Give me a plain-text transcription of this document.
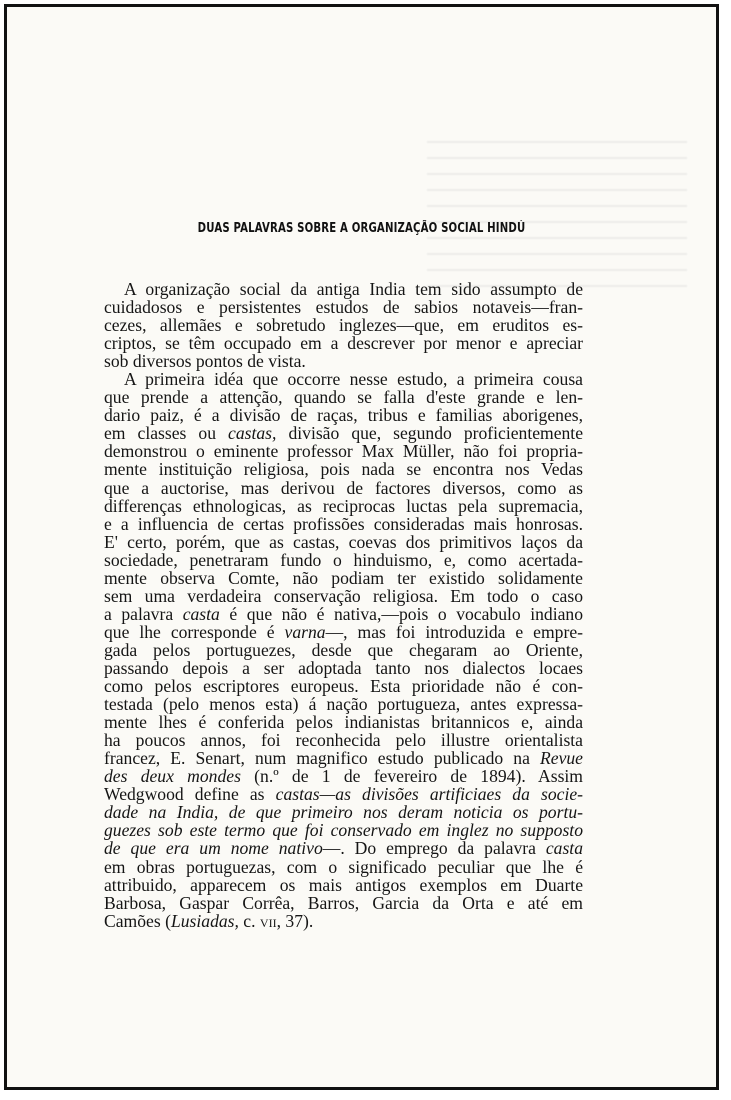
DUAS PALAVRAS SOBRE A ORGANIZAÇÃO SOCIAL HINDÚ
A organização social da antiga India tem sido assumpto de
cuidadosos e persistentes estudos de sabios notaveis—fran-
cezes, allemães e sobretudo inglezes—que, em eruditos es-
criptos, se têm occupado em a descrever por menor e apreciar
sob diversos pontos de vista.
A primeira idéa que occorre nesse estudo, a primeira cousa
que prende a attenção, quando se falla d'este grande e len-
dario paiz, é a divisão de raças, tribus e familias aborigenes,
em classes ou castas, divisão que, segundo proficientemente
demonstrou o eminente professor Max Müller, não foi propria-
mente instituição religiosa, pois nada se encontra nos Vedas
que a auctorise, mas derivou de factores diversos, como as
differenças ethnologicas, as reciprocas luctas pela supremacia,
e a influencia de certas profissões consideradas mais honrosas.
E' certo, porém, que as castas, coevas dos primitivos laços da
sociedade, penetraram fundo o hinduismo, e, como acertada-
mente observa Comte, não podiam ter existido solidamente
sem uma verdadeira conservação religiosa. Em todo o caso
a palavra casta é que não é nativa,—pois o vocabulo indiano
que lhe corresponde é varna—, mas foi introduzida e empre-
gada pelos portuguezes, desde que chegaram ao Oriente,
passando depois a ser adoptada tanto nos dialectos locaes
como pelos escriptores europeus. Esta prioridade não é con-
testada (pelo menos esta) á nação portugueza, antes expressa-
mente lhes é conferida pelos indianistas britannicos e, ainda
ha poucos annos, foi reconhecida pelo illustre orientalista
francez, E. Senart, num magnifico estudo publicado na Revue
des deux mondes (n.º de 1 de fevereiro de 1894). Assim
Wedgwood define as castas—as divisões artificiaes da socie-
dade na India, de que primeiro nos deram noticia os portu-
guezes sob este termo que foi conservado em inglez no supposto
de que era um nome nativo—. Do emprego da palavra casta
em obras portuguezas, com o significado peculiar que lhe é
attribuido, apparecem os mais antigos exemplos em Duarte
Barbosa, Gaspar Corrêa, Barros, Garcia da Orta e até em
Camões (Lusiadas, c. vii, 37).
